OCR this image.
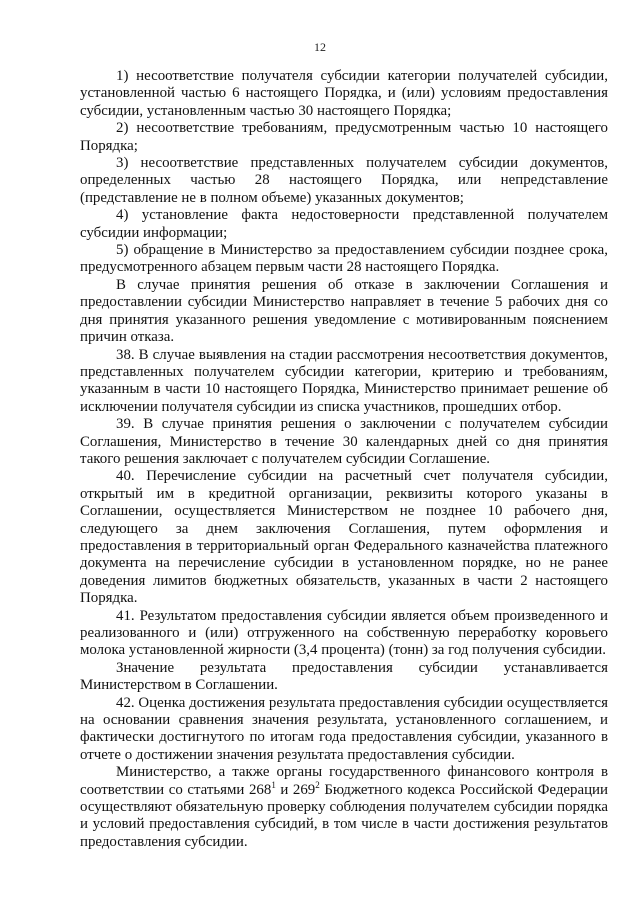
12

1) несоответствие получателя субсидии категории получателей субсидии, установленной частью 6 настоящего Порядка, и (или) условиям предоставления субсидии, установленным частью 30 настоящего Порядка;

2) несоответствие требованиям, предусмотренным частью 10 настоящего Порядка;

3) несоответствие представленных получателем субсидии документов, определенных частью 28 настоящего Порядка, или непредставление (представление не в полном объеме) указанных документов;

4) установление факта недостоверности представленной получателем субсидии информации;

5) обращение в Министерство за предоставлением субсидии позднее срока, предусмотренного абзацем первым части 28 настоящего Порядка.

В случае принятия решения об отказе в заключении Соглашения и предоставлении субсидии Министерство направляет в течение 5 рабочих дня со дня принятия указанного решения уведомление с мотивированным пояснением причин отказа.

38. В случае выявления на стадии рассмотрения несоответствия документов, представленных получателем субсидии категории, критерию и требованиям, указанным в части 10 настоящего Порядка, Министерство принимает решение об исключении получателя субсидии из списка участников, прошедших отбор.

39. В случае принятия решения о заключении с получателем субсидии Соглашения, Министерство в течение 30 календарных дней со дня принятия такого решения заключает с получателем субсидии Соглашение.

40. Перечисление субсидии на расчетный счет получателя субсидии, открытый им в кредитной организации, реквизиты которого указаны в Соглашении, осуществляется Министерством не позднее 10 рабочего дня, следующего за днем заключения Соглашения, путем оформления и предоставления в территориальный орган Федерального казначейства платежного документа на перечисление субсидии в установленном порядке, но не ранее доведения лимитов бюджетных обязательств, указанных в части 2 настоящего Порядка.

41. Результатом предоставления субсидии является объем произведенного и реализованного и (или) отгруженного на собственную переработку коровьего молока установленной жирности (3,4 процента) (тонн) за год получения субсидии.

Значение результата предоставления субсидии устанавливается Министерством в Соглашении.

42. Оценка достижения результата предоставления субсидии осуществляется на основании сравнения значения результата, установленного соглашением, и фактически достигнутого по итогам года предоставления субсидии, указанного в отчете о достижении значения результата предоставления субсидии.

Министерство, а также органы государственного финансового контроля в соответствии со статьями $268^1$ и $269^2$ Бюджетного кодекса Российской Федерации осуществляют обязательную проверку соблюдения получателем субсидии порядка и условий предоставления субсидий, в том числе в части достижения результатов предоставления субсидии.
